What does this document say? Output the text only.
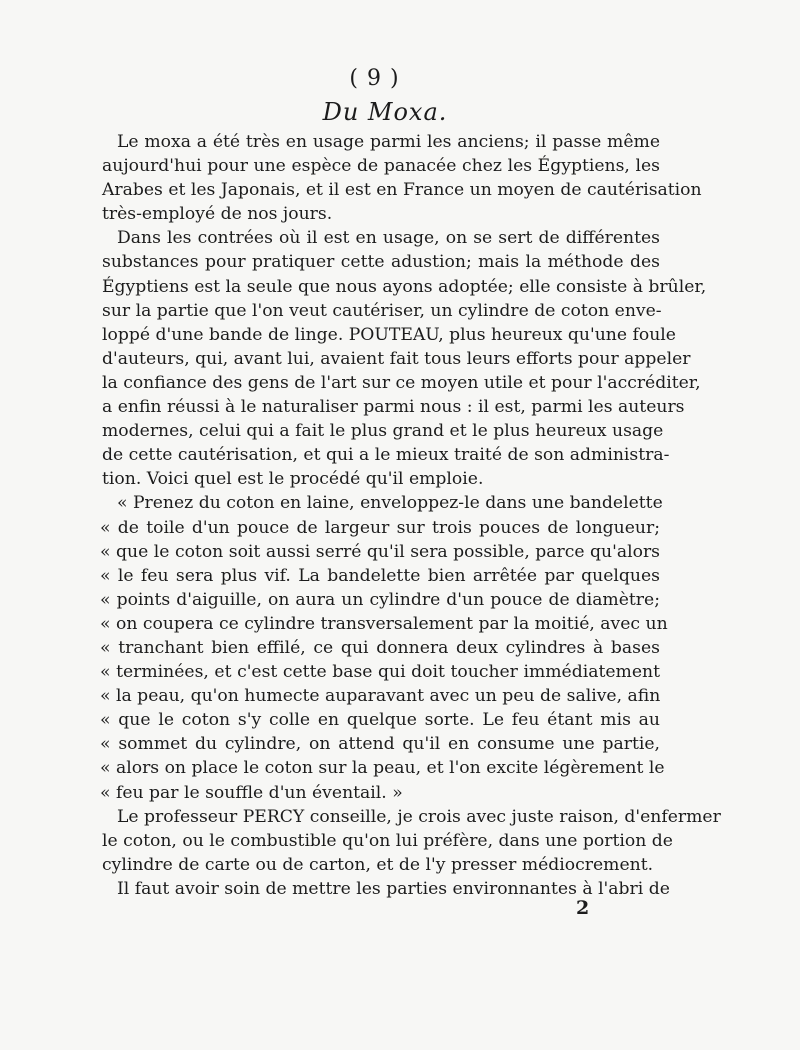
( 9 )
Du Moxa.
Le moxa a été très en usage parmi les anciens; il passe même
aujourd'hui pour une espèce de panacée chez les Égyptiens, les
Arabes et les Japonais, et il est en France un moyen de cautérisation
très-employé de nos jours.
Dans les contrées où il est en usage, on se sert de différentes
substances pour pratiquer cette adustion; mais la méthode des
Égyptiens est la seule que nous ayons adoptée; elle consiste à brûler,
sur la partie que l'on veut cautériser, un cylindre de coton enve-
loppé d'une bande de linge. POUTEAU, plus heureux qu'une foule
d'auteurs, qui, avant lui, avaient fait tous leurs efforts pour appeler
la confiance des gens de l'art sur ce moyen utile et pour l'accréditer,
a enfin réussi à le naturaliser parmi nous : il est, parmi les auteurs
modernes, celui qui a fait le plus grand et le plus heureux usage
de cette cautérisation, et qui a le mieux traité de son administra-
tion. Voici quel est le procédé qu'il emploie.
« Prenez du coton en laine, enveloppez-le dans une bandelette
« de toile d'un pouce de largeur sur trois pouces de longueur;
« que le coton soit aussi serré qu'il sera possible, parce qu'alors
« le feu sera plus vif. La bandelette bien arrêtée par quelques
« points d'aiguille, on aura un cylindre d'un pouce de diamètre;
« on coupera ce cylindre transversalement par la moitié, avec un
« tranchant bien effilé, ce qui donnera deux cylindres à bases
« terminées, et c'est cette base qui doit toucher immédiatement
« la peau, qu'on humecte auparavant avec un peu de salive, afin
« que le coton s'y colle en quelque sorte. Le feu étant mis au
« sommet du cylindre, on attend qu'il en consume une partie,
« alors on place le coton sur la peau, et l'on excite légèrement le
« feu par le souffle d'un éventail. »
Le professeur PERCY conseille, je crois avec juste raison, d'enfermer
le coton, ou le combustible qu'on lui préfère, dans une portion de
cylindre de carte ou de carton, et de l'y presser médiocrement.
Il faut avoir soin de mettre les parties environnantes à l'abri de
2
